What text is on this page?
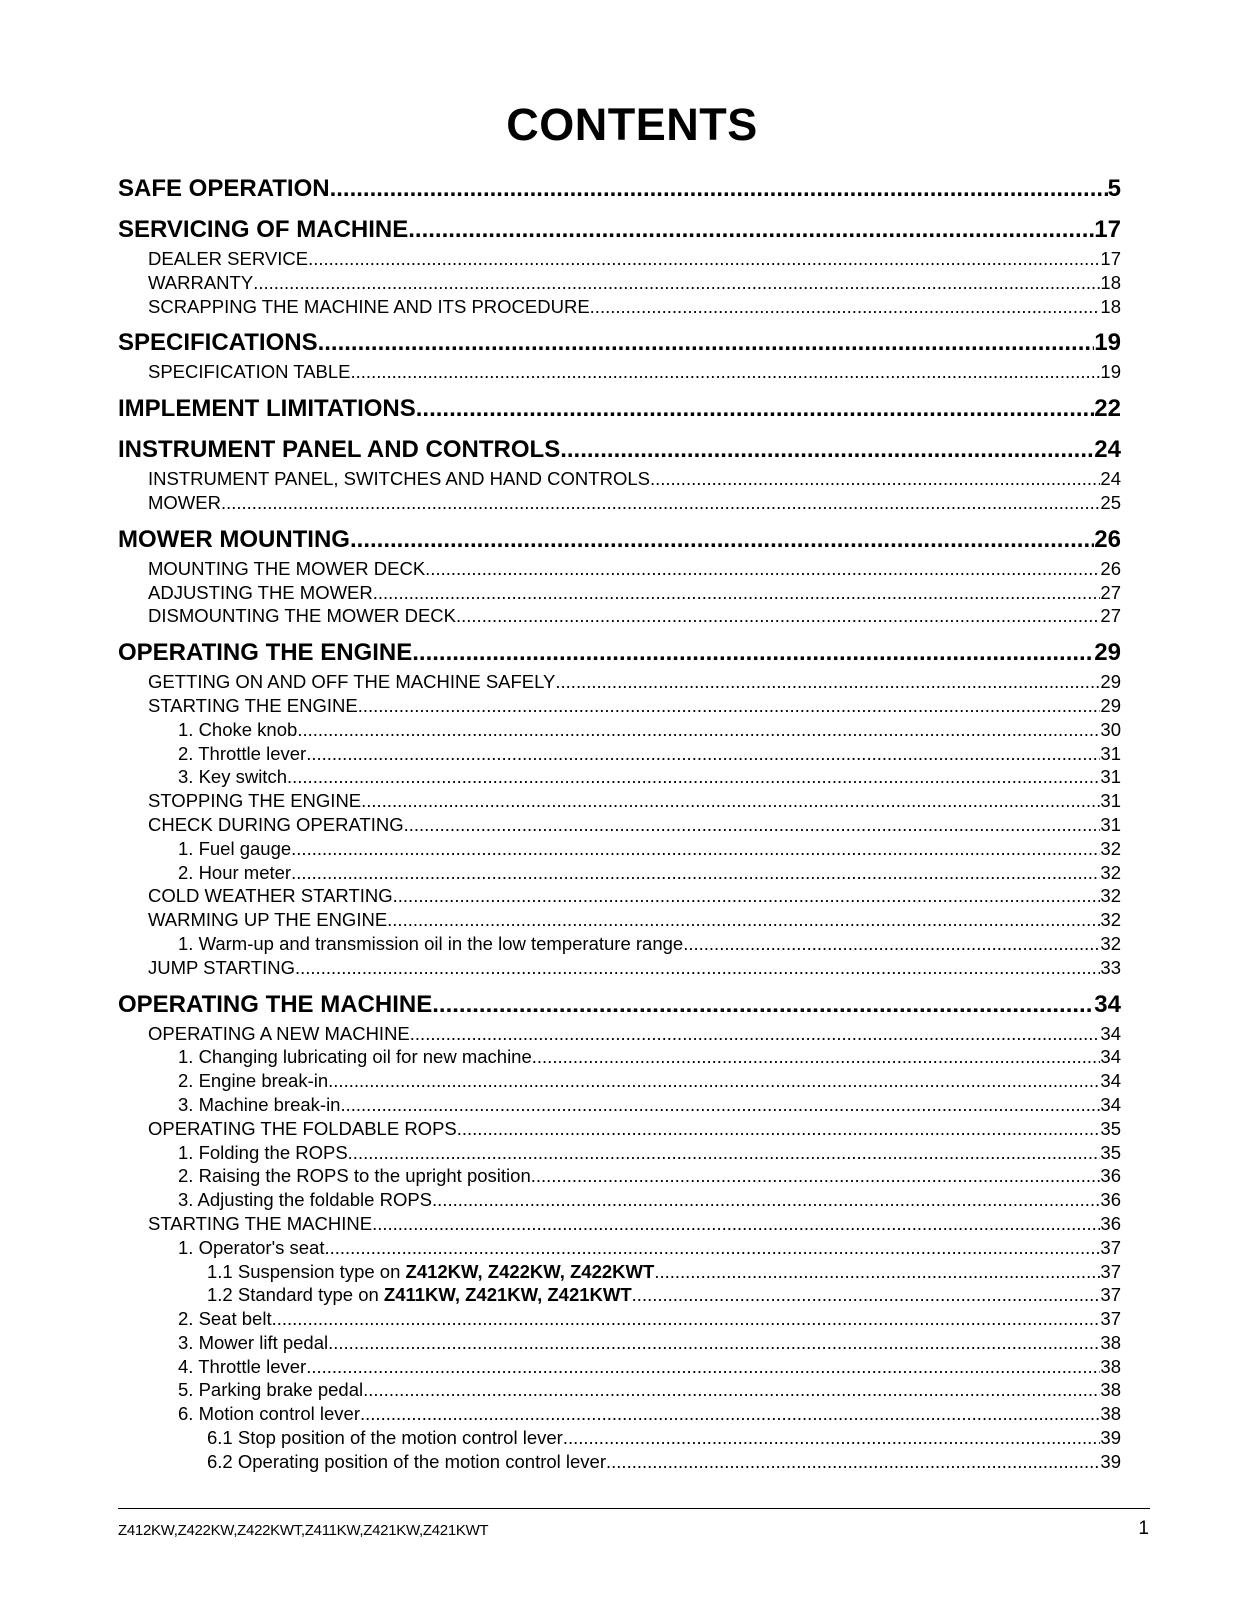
CONTENTS
SAFE OPERATION .....	5
SERVICING OF MACHINE .....	17
DEALER SERVICE .....	17
WARRANTY .....	18
SCRAPPING THE MACHINE AND ITS PROCEDURE .....	18
SPECIFICATIONS .....	19
SPECIFICATION TABLE .....	19
IMPLEMENT LIMITATIONS .....	22
INSTRUMENT PANEL AND CONTROLS .....	24
INSTRUMENT PANEL, SWITCHES AND HAND CONTROLS .....	24
MOWER .....	25
MOWER MOUNTING .....	26
MOUNTING THE MOWER DECK .....	26
ADJUSTING THE MOWER .....	27
DISMOUNTING THE MOWER DECK .....	27
OPERATING THE ENGINE .....	29
GETTING ON AND OFF THE MACHINE SAFELY .....	29
STARTING THE ENGINE .....	29
1. Choke knob .....	30
2. Throttle lever .....	31
3. Key switch .....	31
STOPPING THE ENGINE .....	31
CHECK DURING OPERATING .....	31
1. Fuel gauge .....	32
2. Hour meter .....	32
COLD WEATHER STARTING .....	32
WARMING UP THE ENGINE .....	32
1. Warm-up and transmission oil in the low temperature range .....	32
JUMP STARTING .....	33
OPERATING THE MACHINE .....	34
OPERATING A NEW MACHINE .....	34
1. Changing lubricating oil for new machine .....	34
2. Engine break-in .....	34
3. Machine break-in .....	34
OPERATING THE FOLDABLE ROPS .....	35
1. Folding the ROPS .....	35
2. Raising the ROPS to the upright position .....	36
3. Adjusting the foldable ROPS .....	36
STARTING THE MACHINE .....	36
1. Operator's seat .....	37
1.1 Suspension type on Z412KW, Z422KW, Z422KWT .....	37
1.2 Standard type on Z411KW, Z421KW, Z421KWT .....	37
2. Seat belt .....	37
3. Mower lift pedal .....	38
4. Throttle lever .....	38
5. Parking brake pedal .....	38
6. Motion control lever .....	38
6.1 Stop position of the motion control lever .....	39
6.2 Operating position of the motion control lever .....	39
Z412KW,Z422KW,Z422KWT,Z411KW,Z421KW,Z421KWT	1
